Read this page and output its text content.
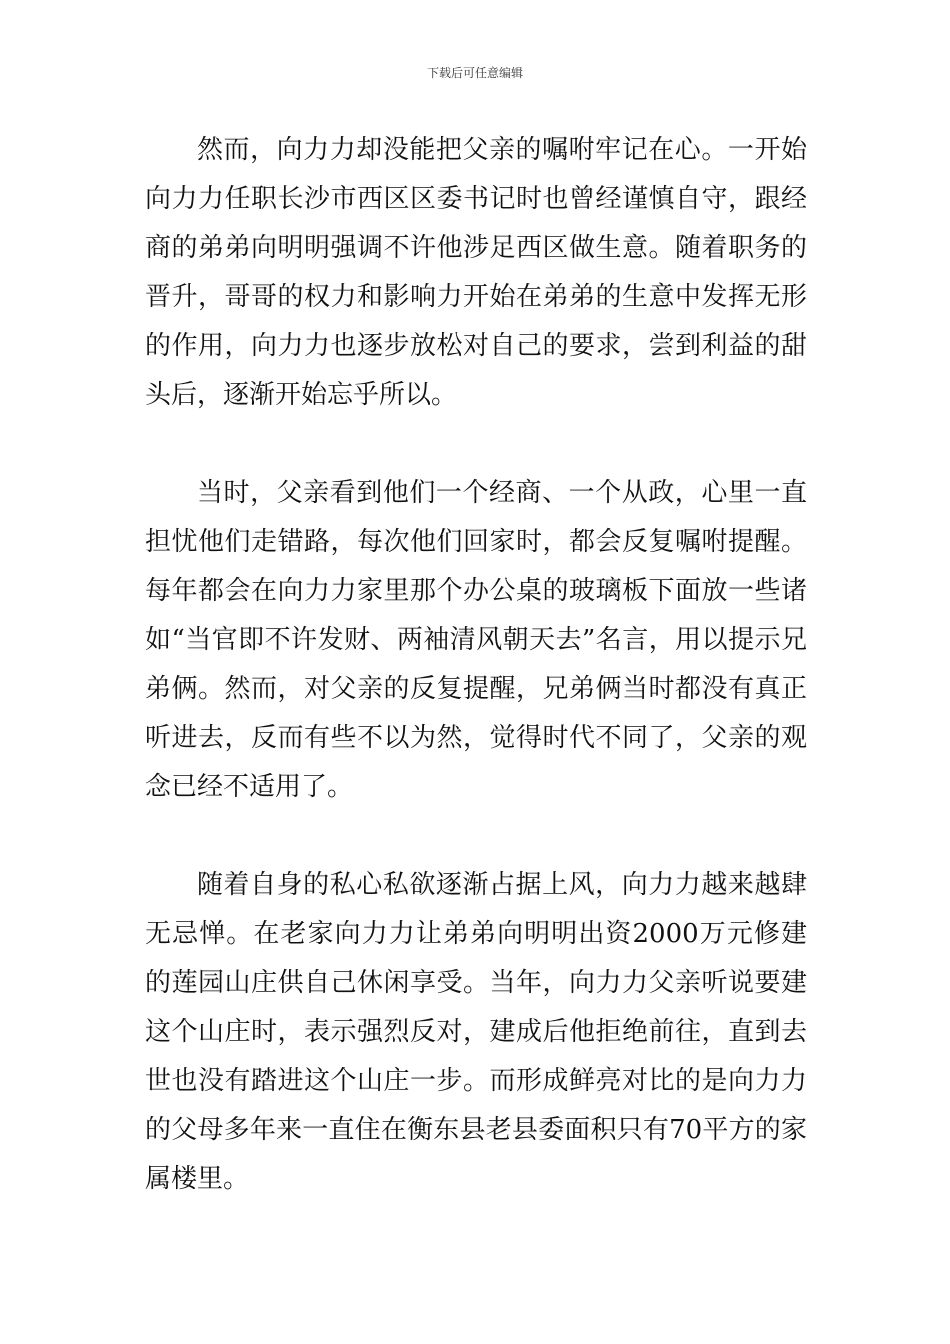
下载后可任意编辑

然而，向力力却没能把父亲的嘱咐牢记在心。一开始向力力任职长沙市西区区委书记时也曾经谨慎自守，跟经商的弟弟向明明强调不许他涉足西区做生意。随着职务的晋升，哥哥的权力和影响力开始在弟弟的生意中发挥无形的作用，向力力也逐步放松对自己的要求，尝到利益的甜头后，逐渐开始忘乎所以。

当时，父亲看到他们一个经商、一个从政，心里一直担忧他们走错路，每次他们回家时，都会反复嘱咐提醒。每年都会在向力力家里那个办公桌的玻璃板下面放一些诸如“当官即不许发财、两袖清风朝天去”名言，用以提示兄弟俩。然而，对父亲的反复提醒，兄弟俩当时都没有真正听进去，反而有些不以为然，觉得时代不同了，父亲的观念已经不适用了。

随着自身的私心私欲逐渐占据上风，向力力越来越肆无忌惮。在老家向力力让弟弟向明明出资2000万元修建的莲园山庄供自己休闲享受。当年，向力力父亲听说要建这个山庄时，表示强烈反对，建成后他拒绝前往，直到去世也没有踏进这个山庄一步。而形成鲜亮对比的是向力力的父母多年来一直住在衡东县老县委面积只有70平方的家属楼里。
